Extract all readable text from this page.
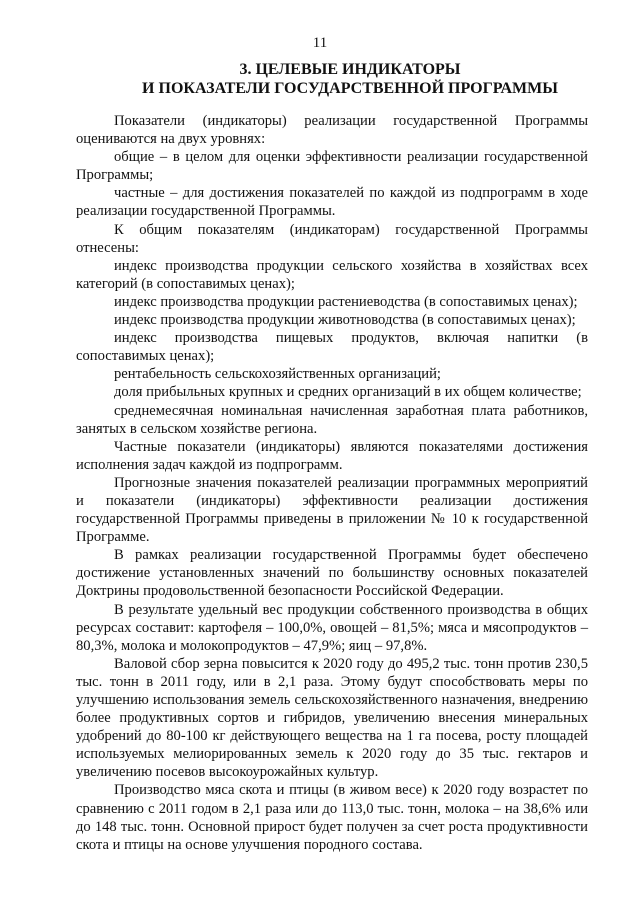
11
3. ЦЕЛЕВЫЕ ИНДИКАТОРЫ
И ПОКАЗАТЕЛИ ГОСУДАРСТВЕННОЙ ПРОГРАММЫ

Показатели (индикаторы) реализации государственной Программы оцениваются на двух уровнях:

общие – в целом для оценки эффективности реализации государственной Программы;

частные – для достижения показателей по каждой из подпрограмм в ходе реализации государственной Программы.

К общим показателям (индикаторам) государственной Программы отнесены:

индекс производства продукции сельского хозяйства в хозяйствах всех категорий (в сопоставимых ценах);

индекс производства продукции растениеводства (в сопоставимых ценах);

индекс производства продукции животноводства (в сопоставимых ценах);

индекс производства пищевых продуктов, включая напитки (в сопоставимых ценах);

рентабельность сельскохозяйственных организаций;

доля прибыльных крупных и средних организаций в их общем количестве;

среднемесячная номинальная начисленная заработная плата работников, занятых в сельском хозяйстве региона.

Частные показатели (индикаторы) являются показателями достижения исполнения задач каждой из подпрограмм.

Прогнозные значения показателей реализации программных мероприятий и показатели (индикаторы) эффективности реализации достижения государственной Программы приведены в приложении № 10 к государственной Программе.

В рамках реализации государственной Программы будет обеспечено достижение установленных значений по большинству основных показателей Доктрины продовольственной безопасности Российской Федерации.

В результате удельный вес продукции собственного производства в общих ресурсах составит: картофеля – 100,0%, овощей – 81,5%; мяса и мясопродуктов – 80,3%, молока и молокопродуктов – 47,9%; яиц – 97,8%.

Валовой сбор зерна повысится к 2020 году до 495,2 тыс. тонн против 230,5 тыс. тонн в 2011 году, или в 2,1 раза. Этому будут способствовать меры по улучшению использования земель сельскохозяйственного назначения, внедрению более продуктивных сортов и гибридов, увеличению внесения минеральных удобрений до 80-100 кг действующего вещества на 1 га посева, росту площадей используемых мелиорированных земель к 2020 году до 35 тыс. гектаров и увеличению посевов высокоурожайных культур.

Производство мяса скота и птицы (в живом весе) к 2020 году возрастет по сравнению с 2011 годом в 2,1 раза или до 113,0 тыс. тонн, молока – на 38,6% или до 148 тыс. тонн. Основной прирост будет получен за счет роста продуктивности скота и птицы на основе улучшения породного состава.
